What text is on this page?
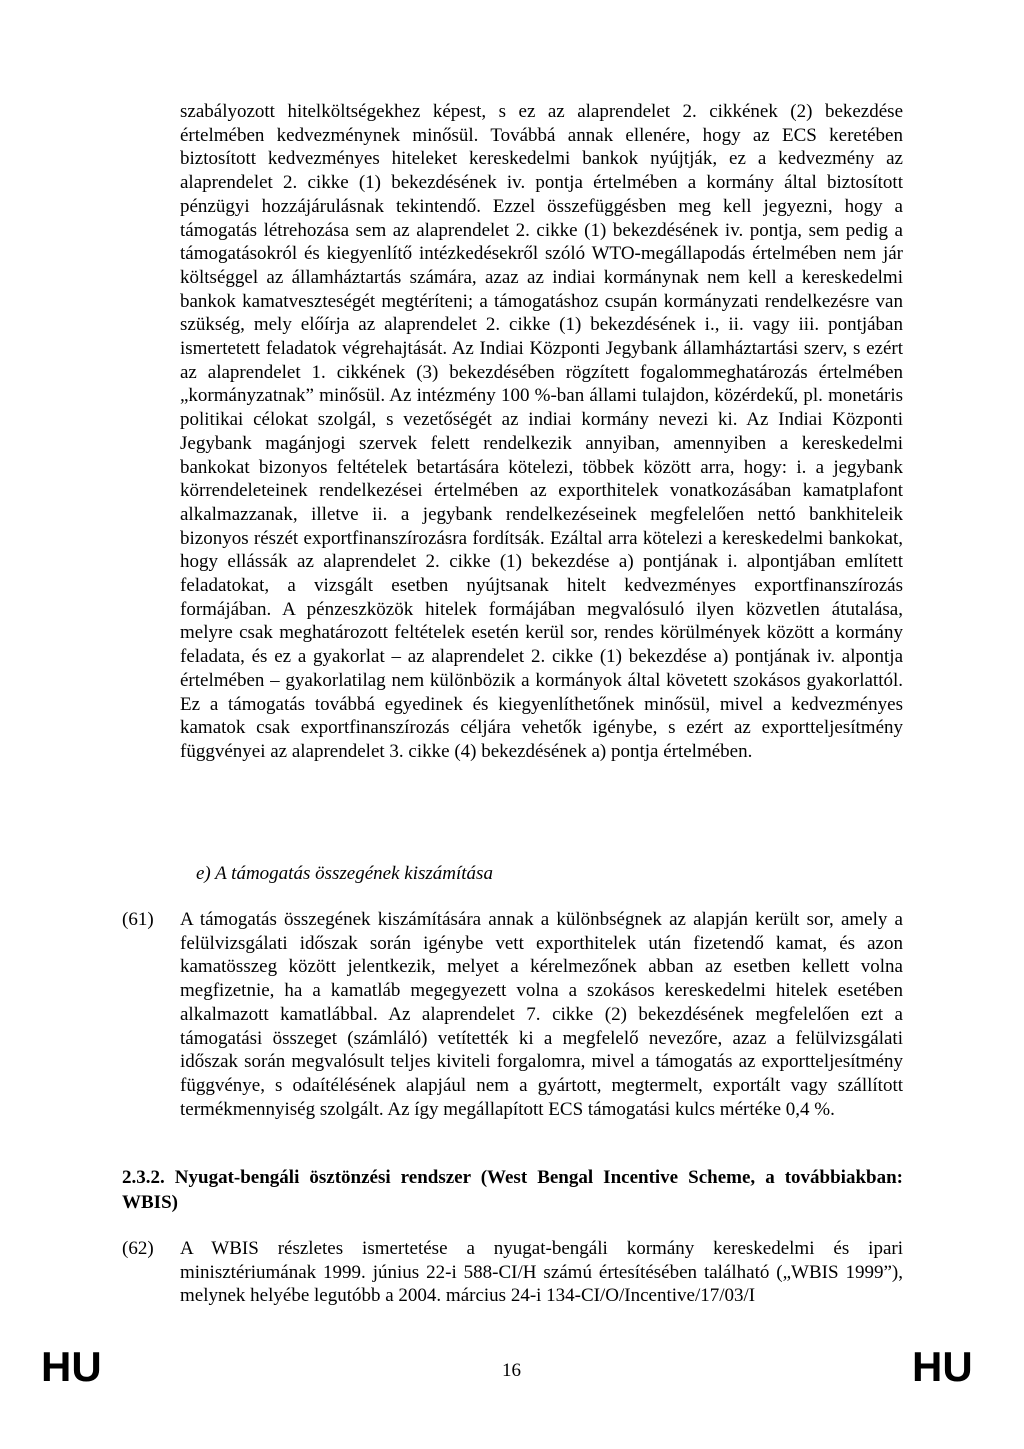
szabályozott hitelköltségekhez képest, s ez az alaprendelet 2. cikkének (2) bekezdése értelmében kedvezménynek minősül. Továbbá annak ellenére, hogy az ECS keretében biztosított kedvezményes hiteleket kereskedelmi bankok nyújtják, ez a kedvezmény az alaprendelet 2. cikke (1) bekezdésének iv. pontja értelmében a kormány által biztosított pénzügyi hozzájárulásnak tekintendő. Ezzel összefüggésben meg kell jegyezni, hogy a támogatás létrehozása sem az alaprendelet 2. cikke (1) bekezdésének iv. pontja, sem pedig a támogatásokról és kiegyenlítő intézkedésekről szóló WTO-megállapodás értelmében nem jár költséggel az államháztartás számára, azaz az indiai kormánynak nem kell a kereskedelmi bankok kamatveszteségét megtéríteni; a támogatáshoz csupán kormányzati rendelkezésre van szükség, mely előírja az alaprendelet 2. cikke (1) bekezdésének i., ii. vagy iii. pontjában ismertetett feladatok végrehajtását. Az Indiai Központi Jegybank államháztartási szerv, s ezért az alaprendelet 1. cikkének (3) bekezdésében rögzített fogalommeghatározás értelmében „kormányzatnak” minősül. Az intézmény 100 %-ban állami tulajdon, közérdekű, pl. monetáris politikai célokat szolgál, s vezetőségét az indiai kormány nevezi ki. Az Indiai Központi Jegybank magánjogi szervek felett rendelkezik annyiban, amennyiben a kereskedelmi bankokat bizonyos feltételek betartására kötelezi, többek között arra, hogy: i. a jegybank körrendeleteinek rendelkezései értelmében az exporthitelek vonatkozásában kamatplafont alkalmazzanak, illetve ii. a jegybank rendelkezéseinek megfelelően nettó bankhiteleik bizonyos részét exportfinanszírozásra fordítsák. Ezáltal arra kötelezi a kereskedelmi bankokat, hogy ellássák az alaprendelet 2. cikke (1) bekezdése a) pontjának i. alpontjában említett feladatokat, a vizsgált esetben nyújtsanak hitelt kedvezményes exportfinanszírozás formájában. A pénzeszközök hitelek formájában megvalósuló ilyen közvetlen átutalása, melyre csak meghatározott feltételek esetén kerül sor, rendes körülmények között a kormány feladata, és ez a gyakorlat – az alaprendelet 2. cikke (1) bekezdése a) pontjának iv. alpontja értelmében – gyakorlatilag nem különbözik a kormányok által követett szokásos gyakorlattól. Ez a támogatás továbbá egyedinek és kiegyenlíthetőnek minősül, mivel a kedvezményes kamatok csak exportfinanszírozás céljára vehetők igénybe, s ezért az exportteljesítmény függvényei az alaprendelet 3. cikke (4) bekezdésének a) pontja értelmében.

e) A támogatás összegének kiszámítása

(61) A támogatás összegének kiszámítására annak a különbségnek az alapján került sor, amely a felülvizsgálati időszak során igénybe vett exporthitelek után fizetendő kamat, és azon kamatösszeg között jelentkezik, melyet a kérelmezőnek abban az esetben kellett volna megfizetnie, ha a kamatláb megegyezett volna a szokásos kereskedelmi hitelek esetében alkalmazott kamatlábbal. Az alaprendelet 7. cikke (2) bekezdésének megfelelően ezt a támogatási összeget (számláló) vetítették ki a megfelelő nevezőre, azaz a felülvizsgálati időszak során megvalósult teljes kiviteli forgalomra, mivel a támogatás az exportteljesítmény függvénye, s odaítélésének alapjául nem a gyártott, megtermelt, exportált vagy szállított termékmennyiség szolgált. Az így megállapított ECS támogatási kulcs mértéke 0,4 %.

2.3.2. Nyugat-bengáli ösztönzési rendszer (West Bengal Incentive Scheme, a továbbiakban: WBIS)

(62) A WBIS részletes ismertetése a nyugat-bengáli kormány kereskedelmi és ipari minisztériumának 1999. június 22-i 588-CI/H számú értesítésében található („WBIS 1999”), melynek helyébe legutóbb a 2004. március 24-i 134-CI/O/Incentive/17/03/I

HU	16	HU
